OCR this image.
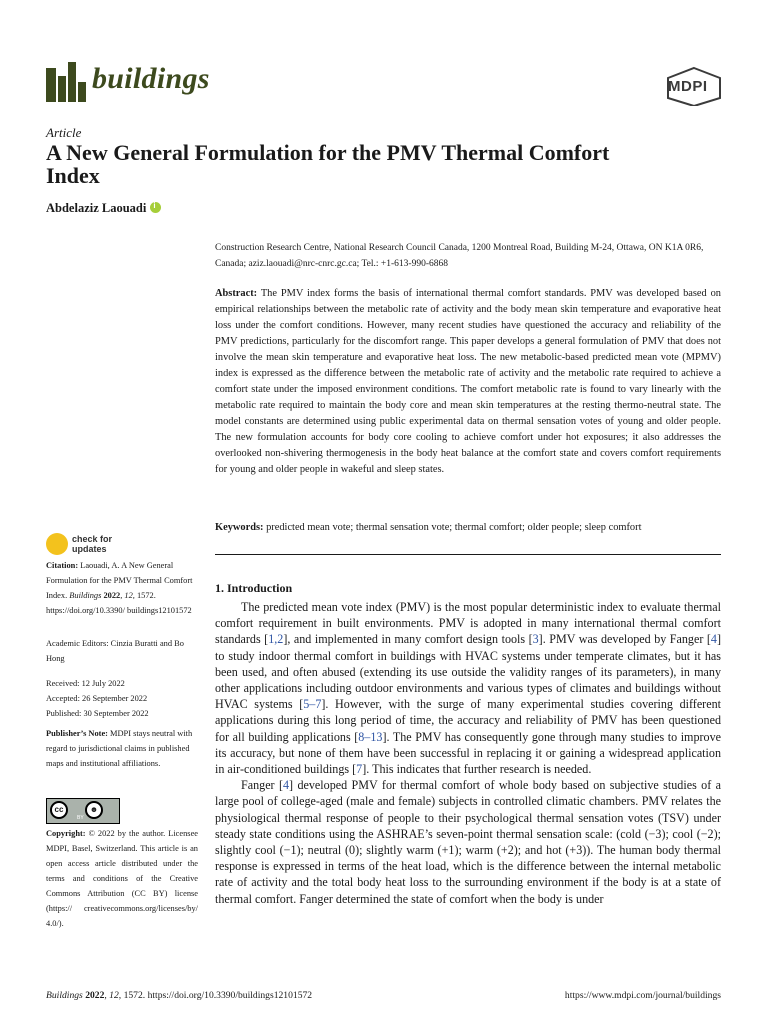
buildings	MDPI
Article
A New General Formulation for the PMV Thermal Comfort Index
Abdelaziz Laouadi i
Construction Research Centre, National Research Council Canada, 1200 Montreal Road, Building M-24, Ottawa, ON K1A 0R6, Canada; aziz.laouadi@nrc-cnrc.gc.ca; Tel.: +1-613-990-6868
Abstract: The PMV index forms the basis of international thermal comfort standards. PMV was developed based on empirical relationships between the metabolic rate of activity and the body mean skin temperature and evaporative heat loss under the comfort conditions. However, many recent studies have questioned the accuracy and reliability of the PMV predictions, particularly for the discomfort range. This paper develops a general formulation of PMV that does not involve the mean skin temperature and evaporative heat loss. The new metabolic-based predicted mean vote (MPMV) index is expressed as the difference between the metabolic rate of activity and the metabolic rate required to achieve a comfort state under the imposed environment conditions. The comfort metabolic rate is found to vary linearly with the metabolic rate required to maintain the body core and mean skin temperatures at the resting thermo-neutral state. The model constants are determined using public experimental data on thermal sensation votes of young and older people. The new formulation accounts for body core cooling to achieve comfort under hot exposures; it also addresses the overlooked non-shivering thermogenesis in the body heat balance at the comfort state and covers comfort requirements for young and older people in wakeful and sleep states.
Keywords: predicted mean vote; thermal sensation vote; thermal comfort; older people; sleep comfort
check for
updates
Citation: Laouadi, A. A New General Formulation for the PMV Thermal Comfort Index. Buildings 2022, 12, 1572. https://doi.org/10.3390/ buildings12101572
Academic Editors: Cinzia Buratti and Bo Hong
Received: 12 July 2022
Accepted: 26 September 2022
Published: 30 September 2022
Publisher’s Note: MDPI stays neutral with regard to jurisdictional claims in published maps and institutional affiliations.
cc	☻
BY
Copyright: © 2022 by the author. Licensee MDPI, Basel, Switzerland. This article is an open access article distributed under the terms and conditions of the Creative Commons Attribution (CC BY) license (https:// creativecommons.org/licenses/by/ 4.0/).
1. Introduction

The predicted mean vote index (PMV) is the most popular deterministic index to evaluate thermal comfort requirement in built environments. PMV is adopted in many international thermal comfort standards [1,2], and implemented in many comfort design tools [3]. PMV was developed by Fanger [4] to study indoor thermal comfort in buildings with HVAC systems under temperate climates, but it has been used, and often abused (extending its use outside the validity ranges of its parameters), in many other applications including outdoor environments and various types of climates and buildings without HVAC systems [5–7]. However, with the surge of many experimental studies covering different applications during this long period of time, the accuracy and reliability of PMV has been questioned for all building applications [8–13]. The PMV has consequently gone through many studies to improve its accuracy, but none of them have been successful in replacing it or gaining a widespread application in air-conditioned buildings [7]. This indicates that further research is needed.

Fanger [4] developed PMV for thermal comfort of whole body based on subjective studies of a large pool of college-aged (male and female) subjects in controlled climatic chambers. PMV relates the physiological thermal response of people to their psychological thermal sensation votes (TSV) under steady state conditions using the ASHRAE’s seven-point thermal sensation scale: (cold (−3); cool (−2); slightly cool (−1); neutral (0); slightly warm (+1); warm (+2); and hot (+3)). The human body thermal response is expressed in terms of the heat load, which is the difference between the internal metabolic rate of activity and the total body heat loss to the surrounding environment if the body is at a state of thermal comfort. Fanger determined the state of comfort when the body is under

Buildings 2022, 12, 1572. https://doi.org/10.3390/buildings12101572	https://www.mdpi.com/journal/buildings
